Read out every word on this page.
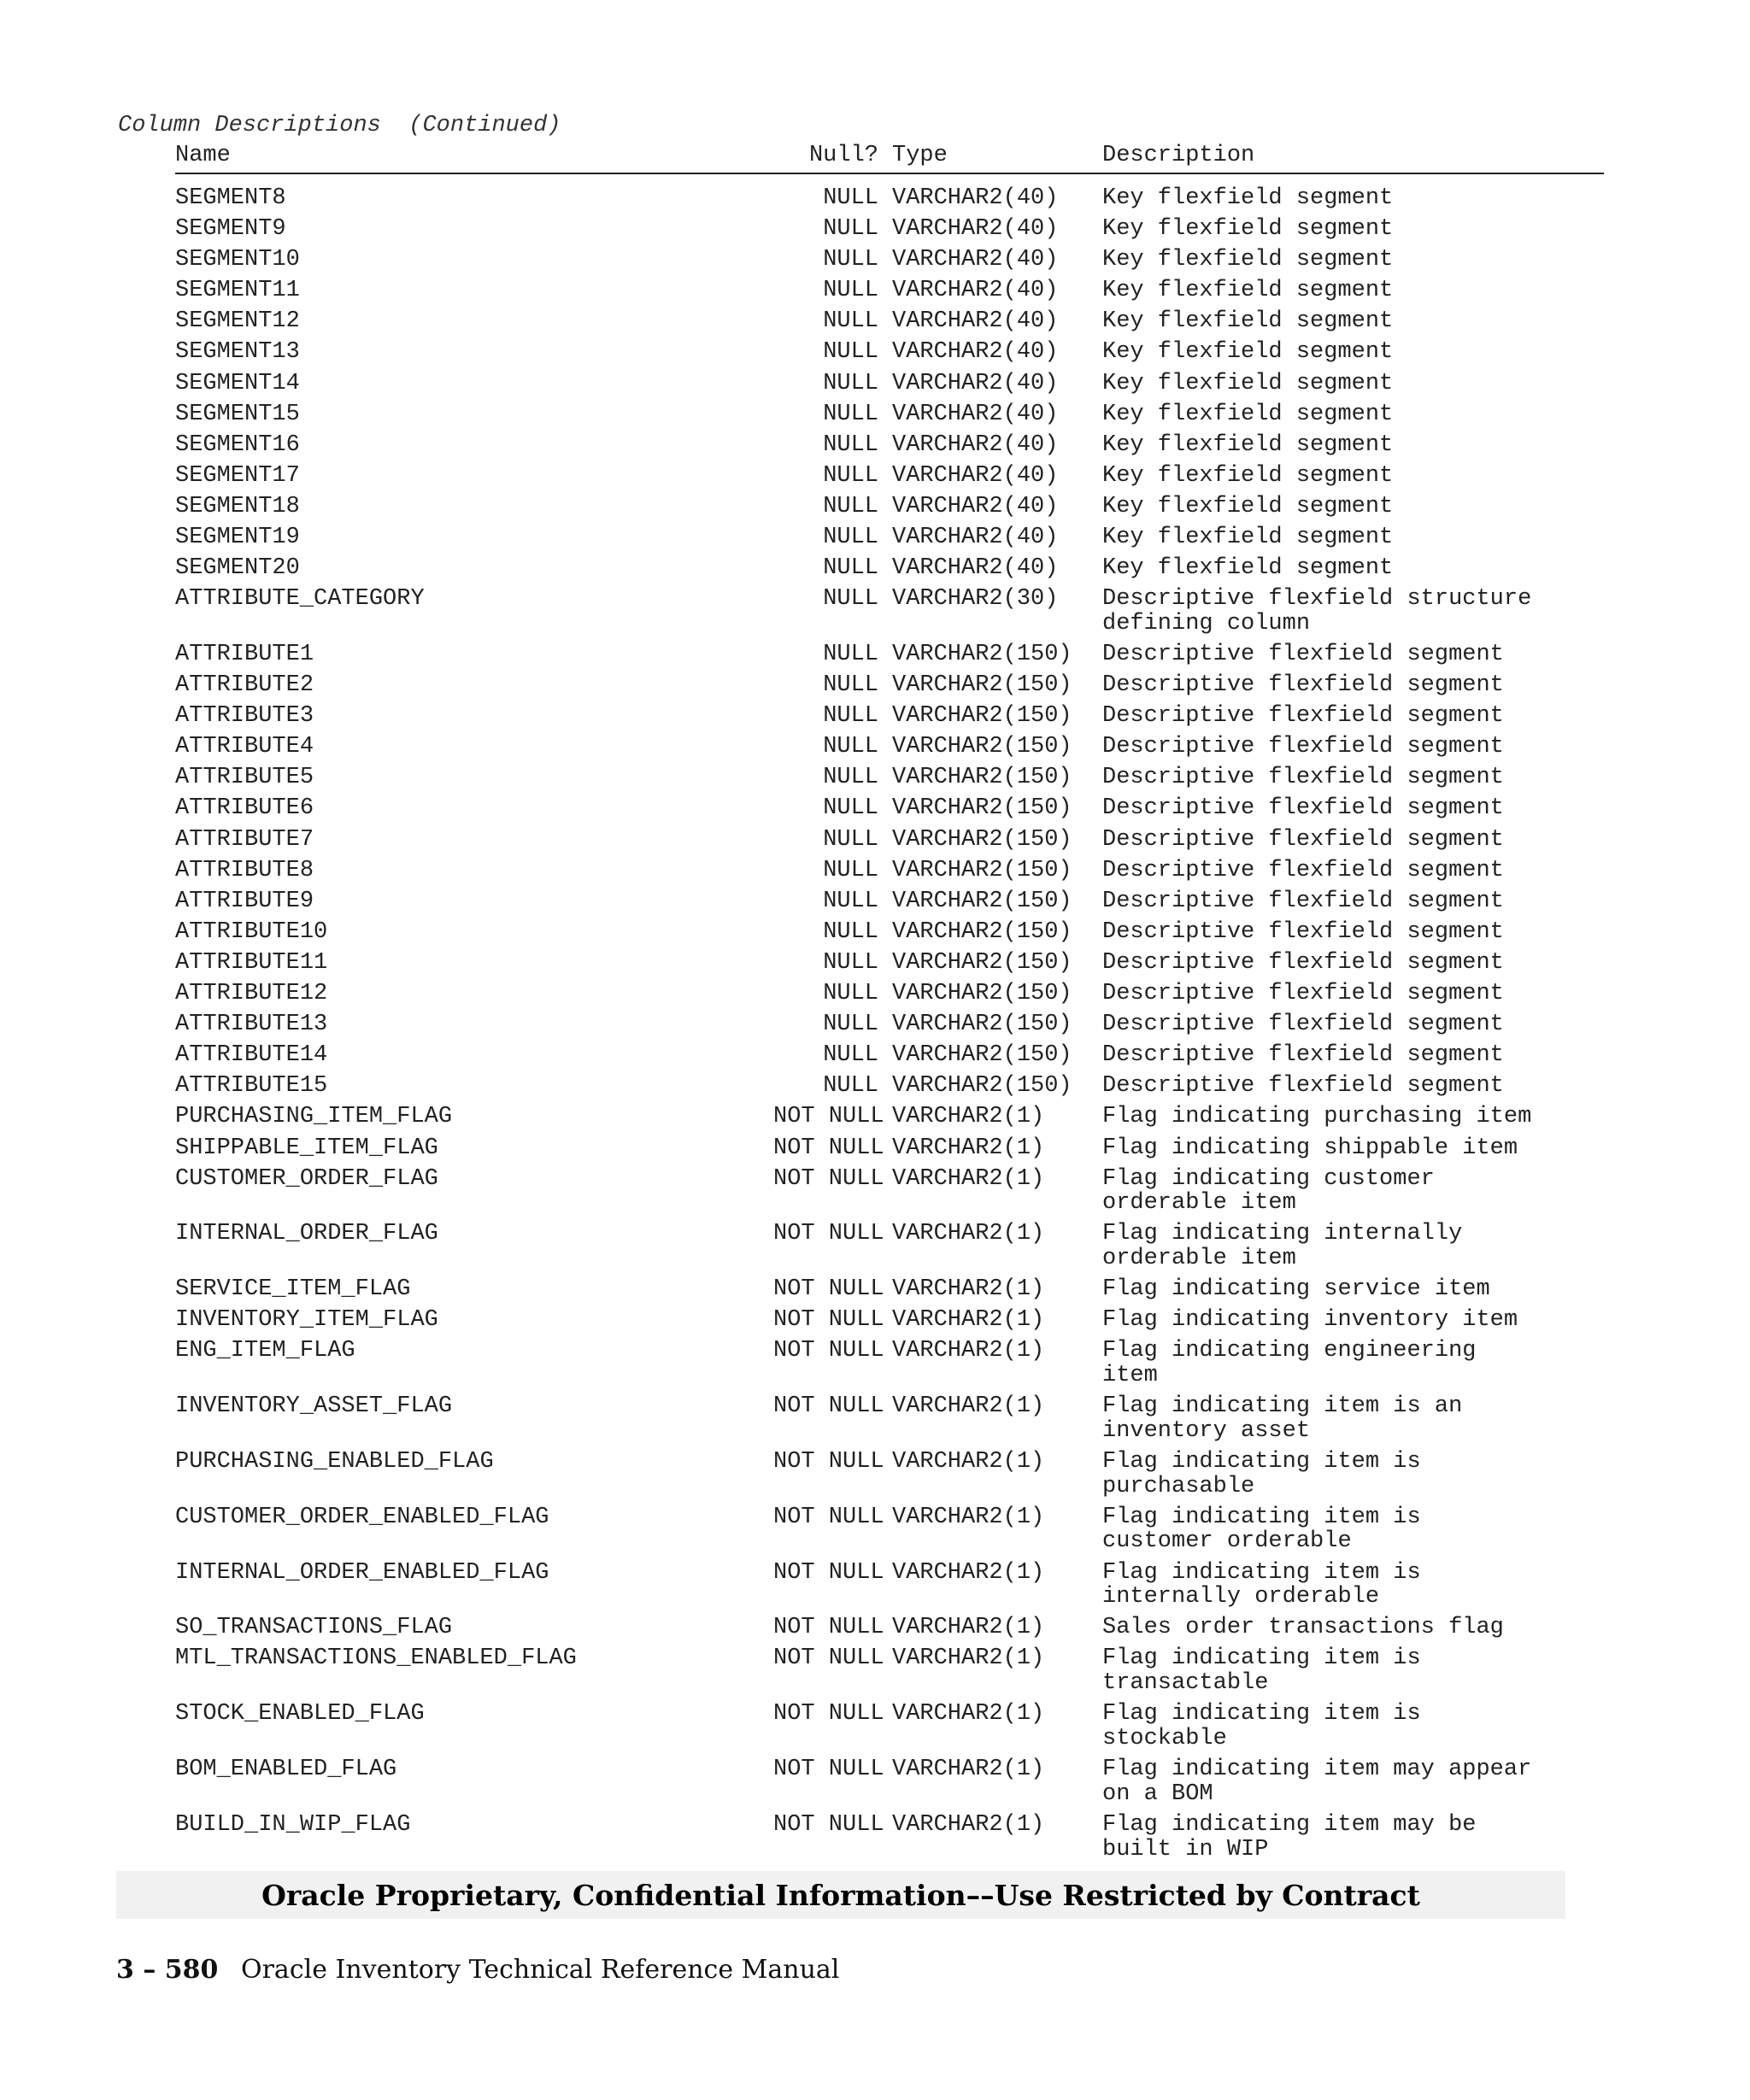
Column Descriptions  (Continued)
Name	Null? Type	Description
SEGMENT8	NULL VARCHAR2(40)	Key flexfield segment
SEGMENT9	NULL VARCHAR2(40)	Key flexfield segment
SEGMENT10	NULL VARCHAR2(40)	Key flexfield segment
SEGMENT11	NULL VARCHAR2(40)	Key flexfield segment
SEGMENT12	NULL VARCHAR2(40)	Key flexfield segment
SEGMENT13	NULL VARCHAR2(40)	Key flexfield segment
SEGMENT14	NULL VARCHAR2(40)	Key flexfield segment
SEGMENT15	NULL VARCHAR2(40)	Key flexfield segment
SEGMENT16	NULL VARCHAR2(40)	Key flexfield segment
SEGMENT17	NULL VARCHAR2(40)	Key flexfield segment
SEGMENT18	NULL VARCHAR2(40)	Key flexfield segment
SEGMENT19	NULL VARCHAR2(40)	Key flexfield segment
SEGMENT20	NULL VARCHAR2(40)	Key flexfield segment
ATTRIBUTE_CATEGORY	NULL VARCHAR2(30)	Descriptive flexfield structure
defining column
ATTRIBUTE1	NULL VARCHAR2(150)	Descriptive flexfield segment
ATTRIBUTE2	NULL VARCHAR2(150)	Descriptive flexfield segment
ATTRIBUTE3	NULL VARCHAR2(150)	Descriptive flexfield segment
ATTRIBUTE4	NULL VARCHAR2(150)	Descriptive flexfield segment
ATTRIBUTE5	NULL VARCHAR2(150)	Descriptive flexfield segment
ATTRIBUTE6	NULL VARCHAR2(150)	Descriptive flexfield segment
ATTRIBUTE7	NULL VARCHAR2(150)	Descriptive flexfield segment
ATTRIBUTE8	NULL VARCHAR2(150)	Descriptive flexfield segment
ATTRIBUTE9	NULL VARCHAR2(150)	Descriptive flexfield segment
ATTRIBUTE10	NULL VARCHAR2(150)	Descriptive flexfield segment
ATTRIBUTE11	NULL VARCHAR2(150)	Descriptive flexfield segment
ATTRIBUTE12	NULL VARCHAR2(150)	Descriptive flexfield segment
ATTRIBUTE13	NULL VARCHAR2(150)	Descriptive flexfield segment
ATTRIBUTE14	NULL VARCHAR2(150)	Descriptive flexfield segment
ATTRIBUTE15	NULL VARCHAR2(150)	Descriptive flexfield segment
PURCHASING_ITEM_FLAG	NOT NULL VARCHAR2(1)	Flag indicating purchasing item
SHIPPABLE_ITEM_FLAG	NOT NULL VARCHAR2(1)	Flag indicating shippable item
CUSTOMER_ORDER_FLAG	NOT NULL VARCHAR2(1)	Flag indicating customer
orderable item
INTERNAL_ORDER_FLAG	NOT NULL VARCHAR2(1)	Flag indicating internally
orderable item
SERVICE_ITEM_FLAG	NOT NULL VARCHAR2(1)	Flag indicating service item
INVENTORY_ITEM_FLAG	NOT NULL VARCHAR2(1)	Flag indicating inventory item
ENG_ITEM_FLAG	NOT NULL VARCHAR2(1)	Flag indicating engineering
item
INVENTORY_ASSET_FLAG	NOT NULL VARCHAR2(1)	Flag indicating item is an
inventory asset
PURCHASING_ENABLED_FLAG	NOT NULL VARCHAR2(1)	Flag indicating item is
purchasable
CUSTOMER_ORDER_ENABLED_FLAG	NOT NULL VARCHAR2(1)	Flag indicating item is
customer orderable
INTERNAL_ORDER_ENABLED_FLAG	NOT NULL VARCHAR2(1)	Flag indicating item is
internally orderable
SO_TRANSACTIONS_FLAG	NOT NULL VARCHAR2(1)	Sales order transactions flag
MTL_TRANSACTIONS_ENABLED_FLAG	NOT NULL VARCHAR2(1)	Flag indicating item is
transactable
STOCK_ENABLED_FLAG	NOT NULL VARCHAR2(1)	Flag indicating item is
stockable
BOM_ENABLED_FLAG	NOT NULL VARCHAR2(1)	Flag indicating item may appear
on a BOM
BUILD_IN_WIP_FLAG	NOT NULL VARCHAR2(1)	Flag indicating item may be
built in WIP
Oracle Proprietary, Confidential Information––Use Restricted by Contract
3 – 580 Oracle Inventory Technical Reference Manual
